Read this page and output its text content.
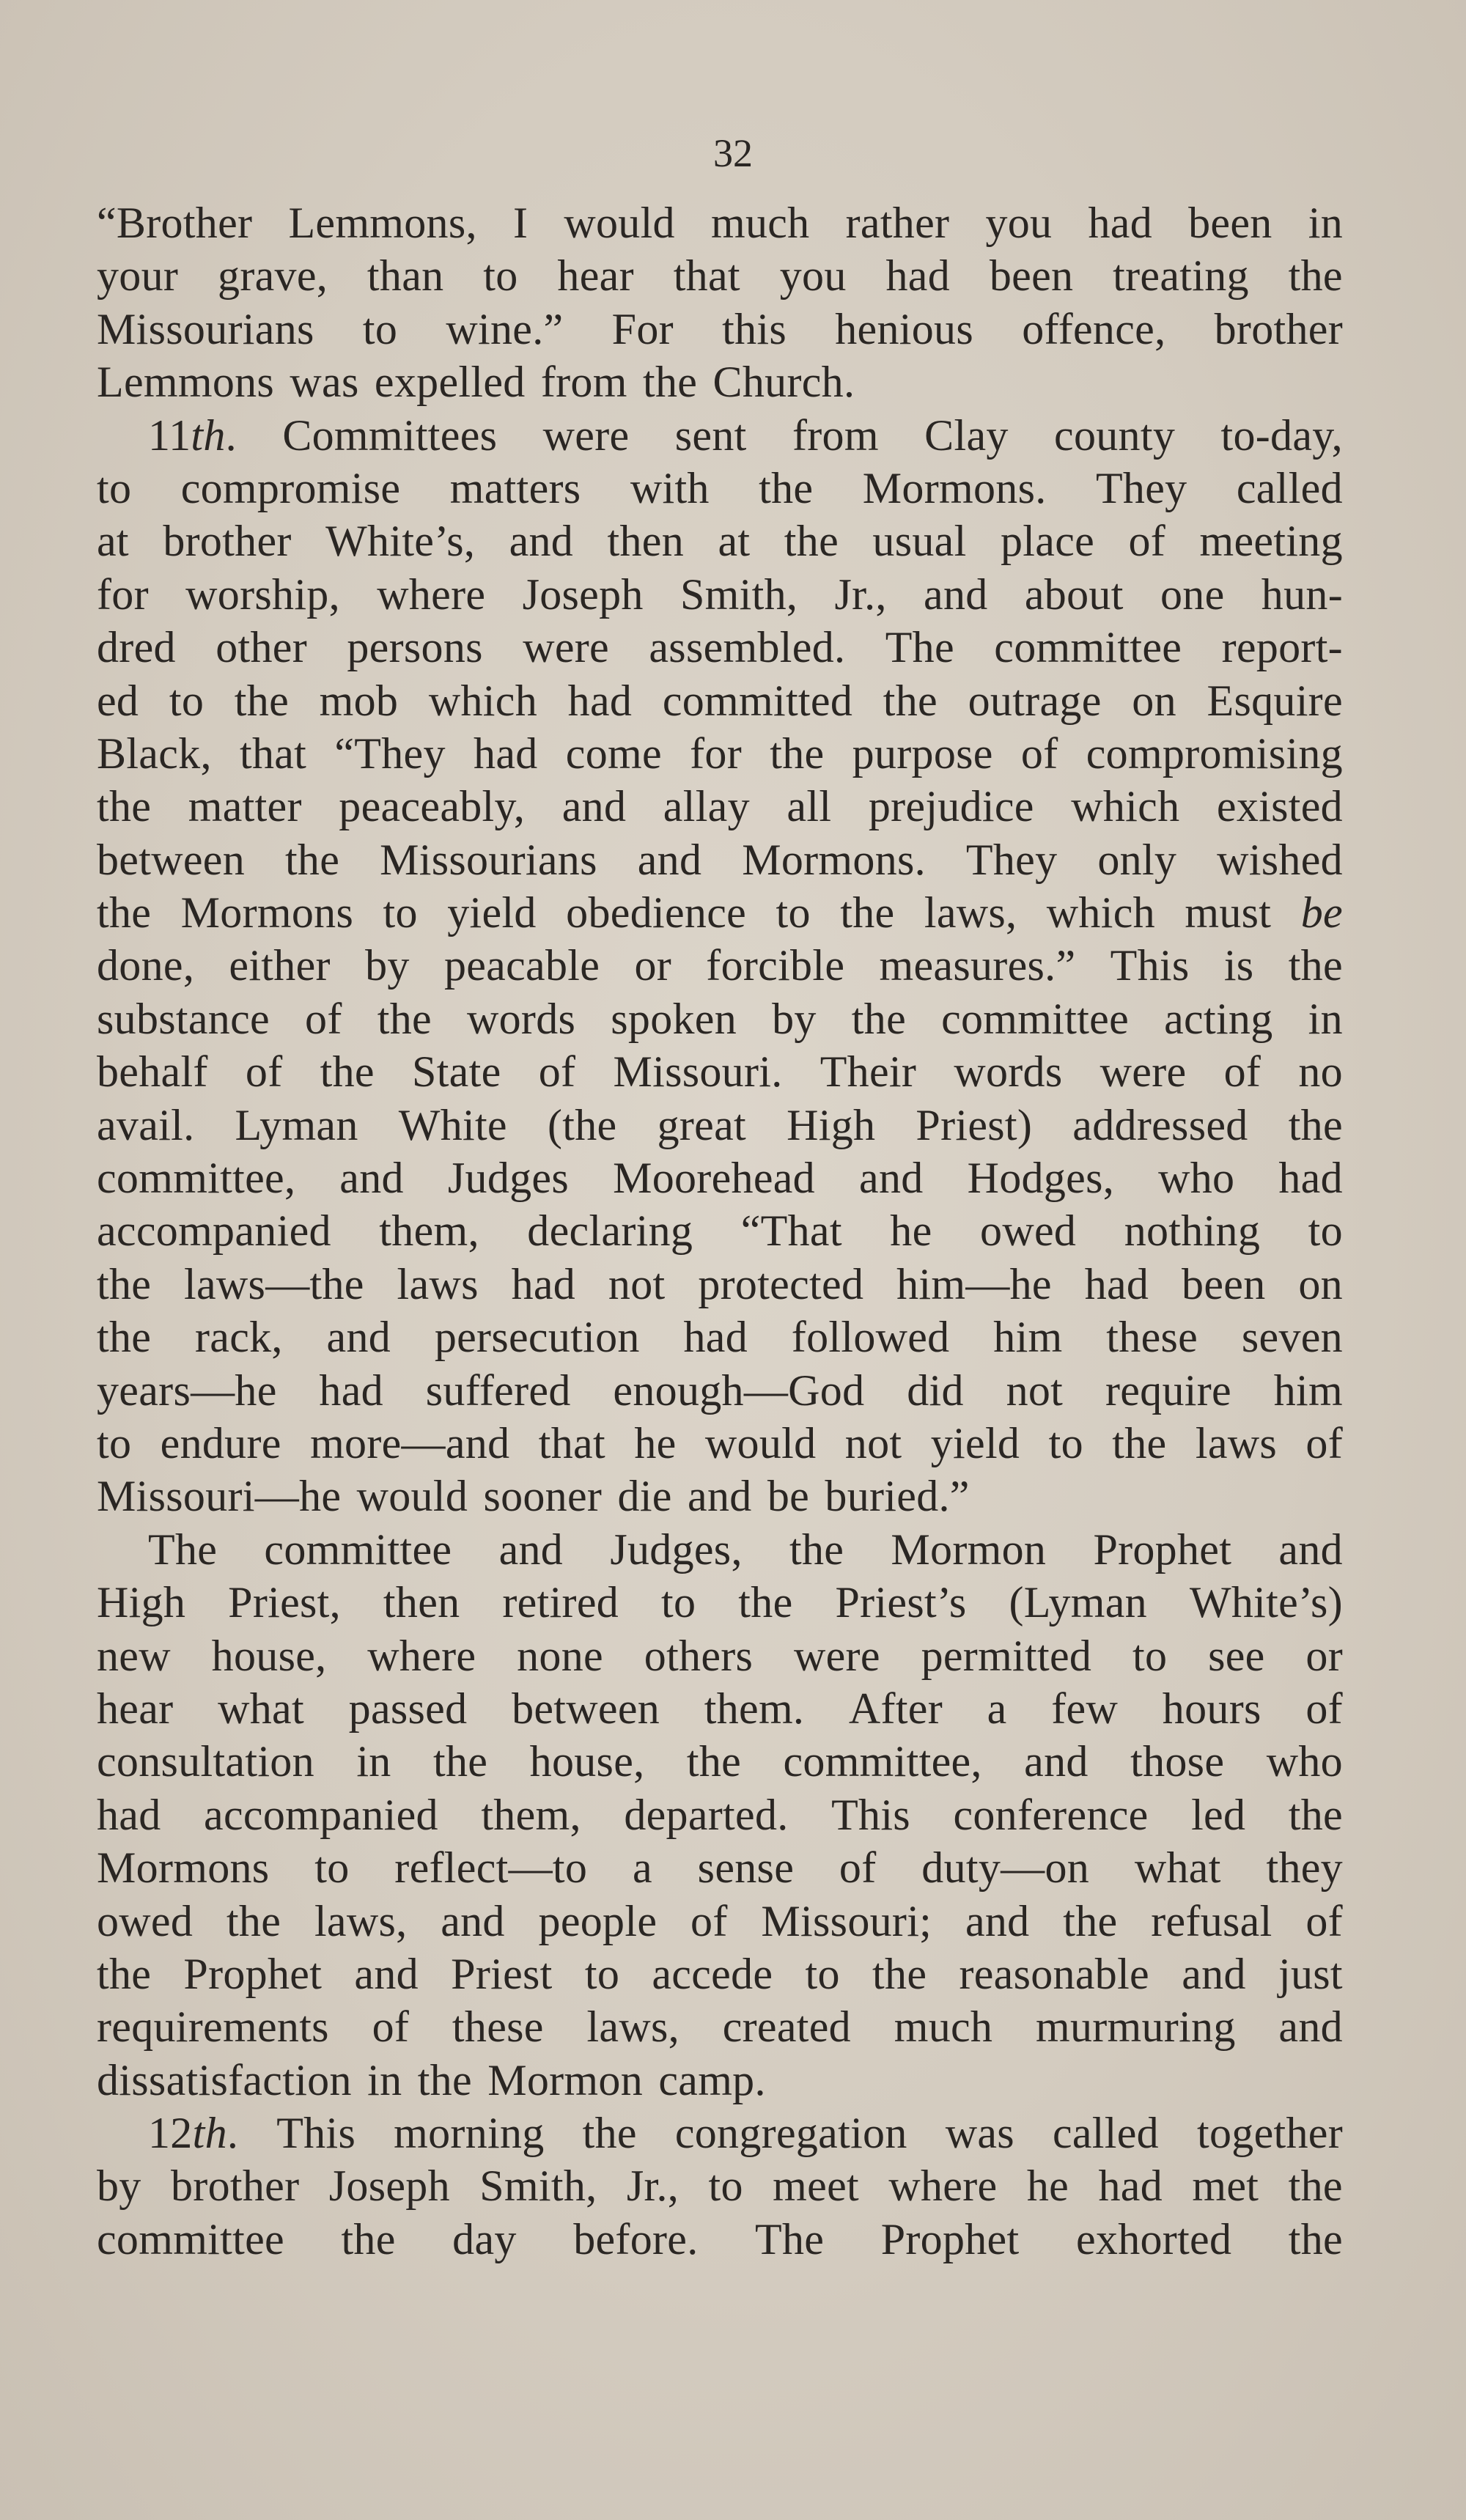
32
“Brother Lemmons, I would much rather you had been in
your grave, than to hear that you had been treating the
Missourians to wine.” For this henious offence, brother
Lemmons
was
expelled
from
the
Church.
11th. Committees were sent from Clay county to-day,
to compromise matters with the Mormons. They called
at brother White’s, and then at the usual place of meeting
for worship, where Joseph Smith, Jr., and about one hun-
dred other persons were assembled. The committee report-
ed to the mob which had committed the outrage on Esquire
Black, that “They had come for the purpose of compromising
the matter peaceably, and allay all prejudice which existed
between the Missourians and Mormons. They only wished
the Mormons to yield obedience to the laws, which must be
done, either by peacable or forcible measures.” This is the
substance of the words spoken by the committee acting in
behalf of the State of Missouri. Their words were of no
avail. Lyman White (the great High Priest) addressed the
committee, and Judges Moorehead and Hodges, who had
accompanied them, declaring “That he owed nothing to
the laws—the laws had not protected him—he had been on
the rack, and persecution had followed him these seven
years—he had suffered enough—God did not require him
to endure more—and that he would not yield to the laws of
Missouri—he
would
sooner
die
and
be
buried.”
The committee and Judges, the Mormon Prophet and
High Priest, then retired to the Priest’s (Lyman White’s)
new house, where none others were permitted to see or
hear what passed between them. After a few hours of
consultation in the house, the committee, and those who
had accompanied them, departed. This conference led the
Mormons to reflect—to a sense of duty—on what they
owed the laws, and people of Missouri; and the refusal of
the Prophet and Priest to accede to the reasonable and just
requirements of these laws, created much murmuring and
dissatisfaction
in
the
Mormon
camp.
12th. This morning the congregation was called together
by brother Joseph Smith, Jr., to meet where he had met the
committee the day before. The Prophet exhorted the
